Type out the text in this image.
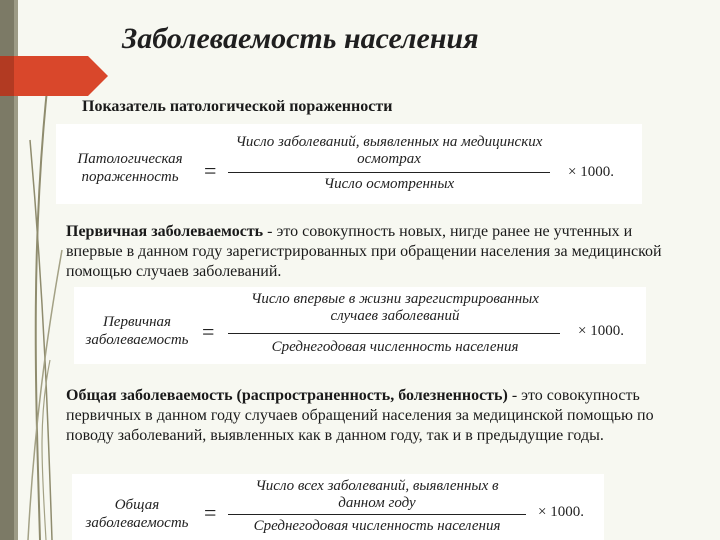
Заболеваемость населения
Показатель патологической пораженности
Патологическая пораженность	=
Число заболеваний, выявленных на медицинских осмотрах
Число осмотренных
× 1000.
Первичная заболеваемость - это совокупность новых, нигде ранее не учтенных и впервые в данном году зарегистрированных при обращении населения за медицинской помощью случаев заболеваний.
Первичная заболеваемость =
Число впервые в жизни зарегистрированных случаев заболеваний
Среднегодовая численность населения
× 1000.
Общая заболеваемость (распространенность, болезненность) - это совокупность первичных в данном году случаев обращений населения за медицинской помощью по поводу заболеваний, выявленных как в данном году, так и в предыдущие годы.
Общая заболеваемость =
Число всех заболеваний, выявленных в данном году
Среднегодовая численность населения
× 1000.
